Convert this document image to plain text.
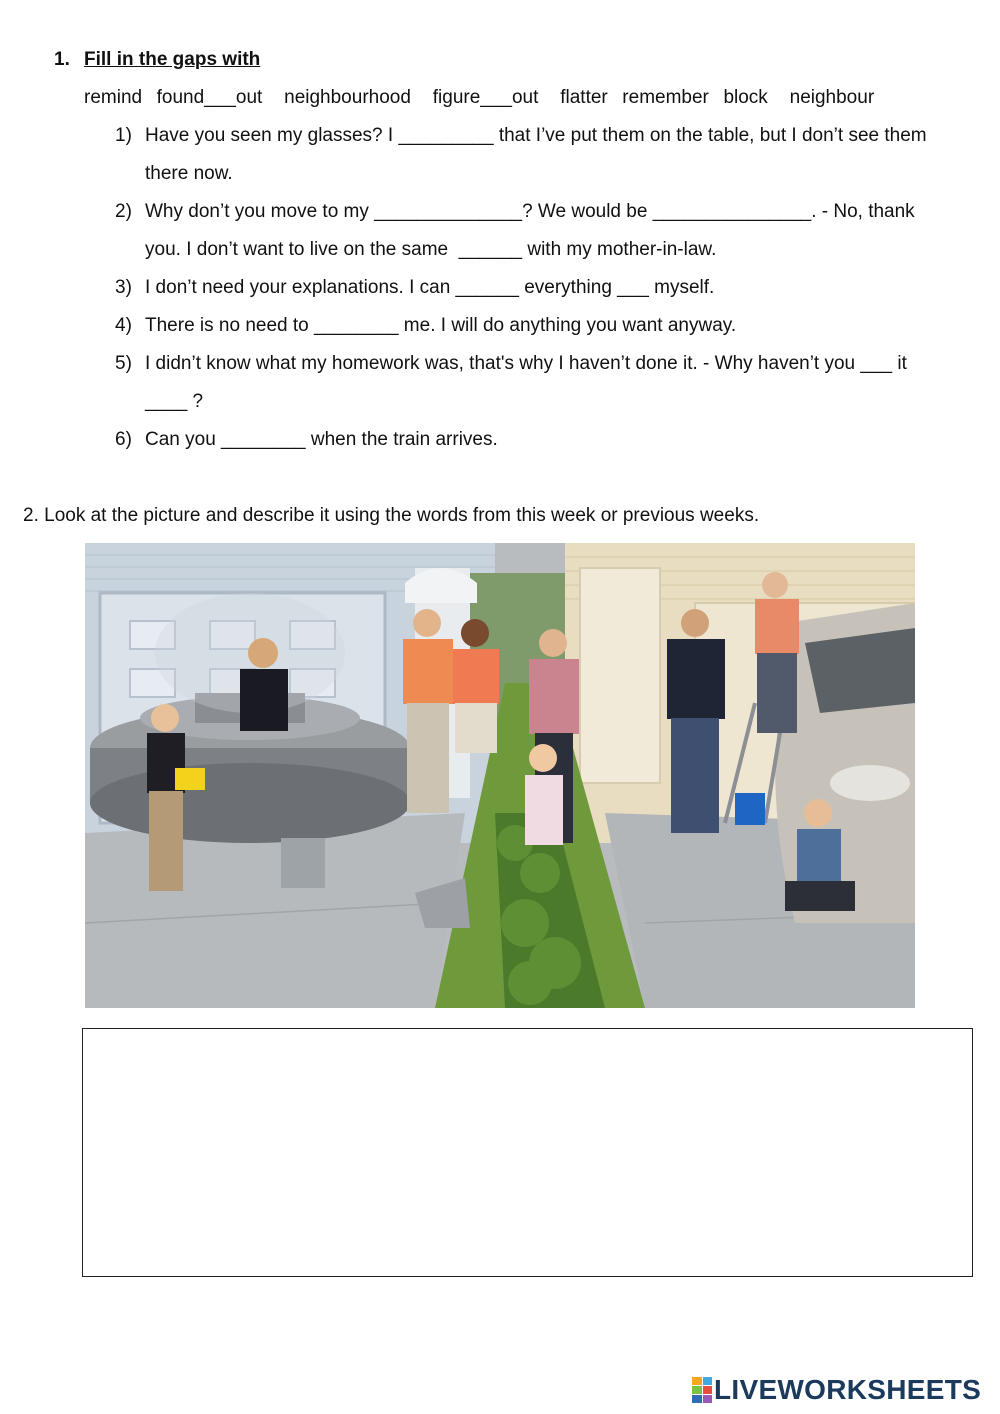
1. Fill in the gaps with
remind  found___out   neighbourhood   figure___out   flatter  remember  block   neighbour
1) Have you seen my glasses? I _________ that I’ve put them on the table, but I don’t see them
there now.
2) Why don’t you move to my ______________? We would be _______________. - No, thank
you. I don’t want to live on the same  ______ with my mother-in-law.
3) I don’t need your explanations. I can ______ everything ___ myself.
4) There is no need to ________ me. I will do anything you want anyway.
5) I didn’t know what my homework was, that's why I haven’t done it. - Why haven’t you ___ it
____ ?
6) Can you ________ when the train arrives.
2. Look at the picture and describe it using the words from this week or previous weeks.
LIVEWORKSHEETS
